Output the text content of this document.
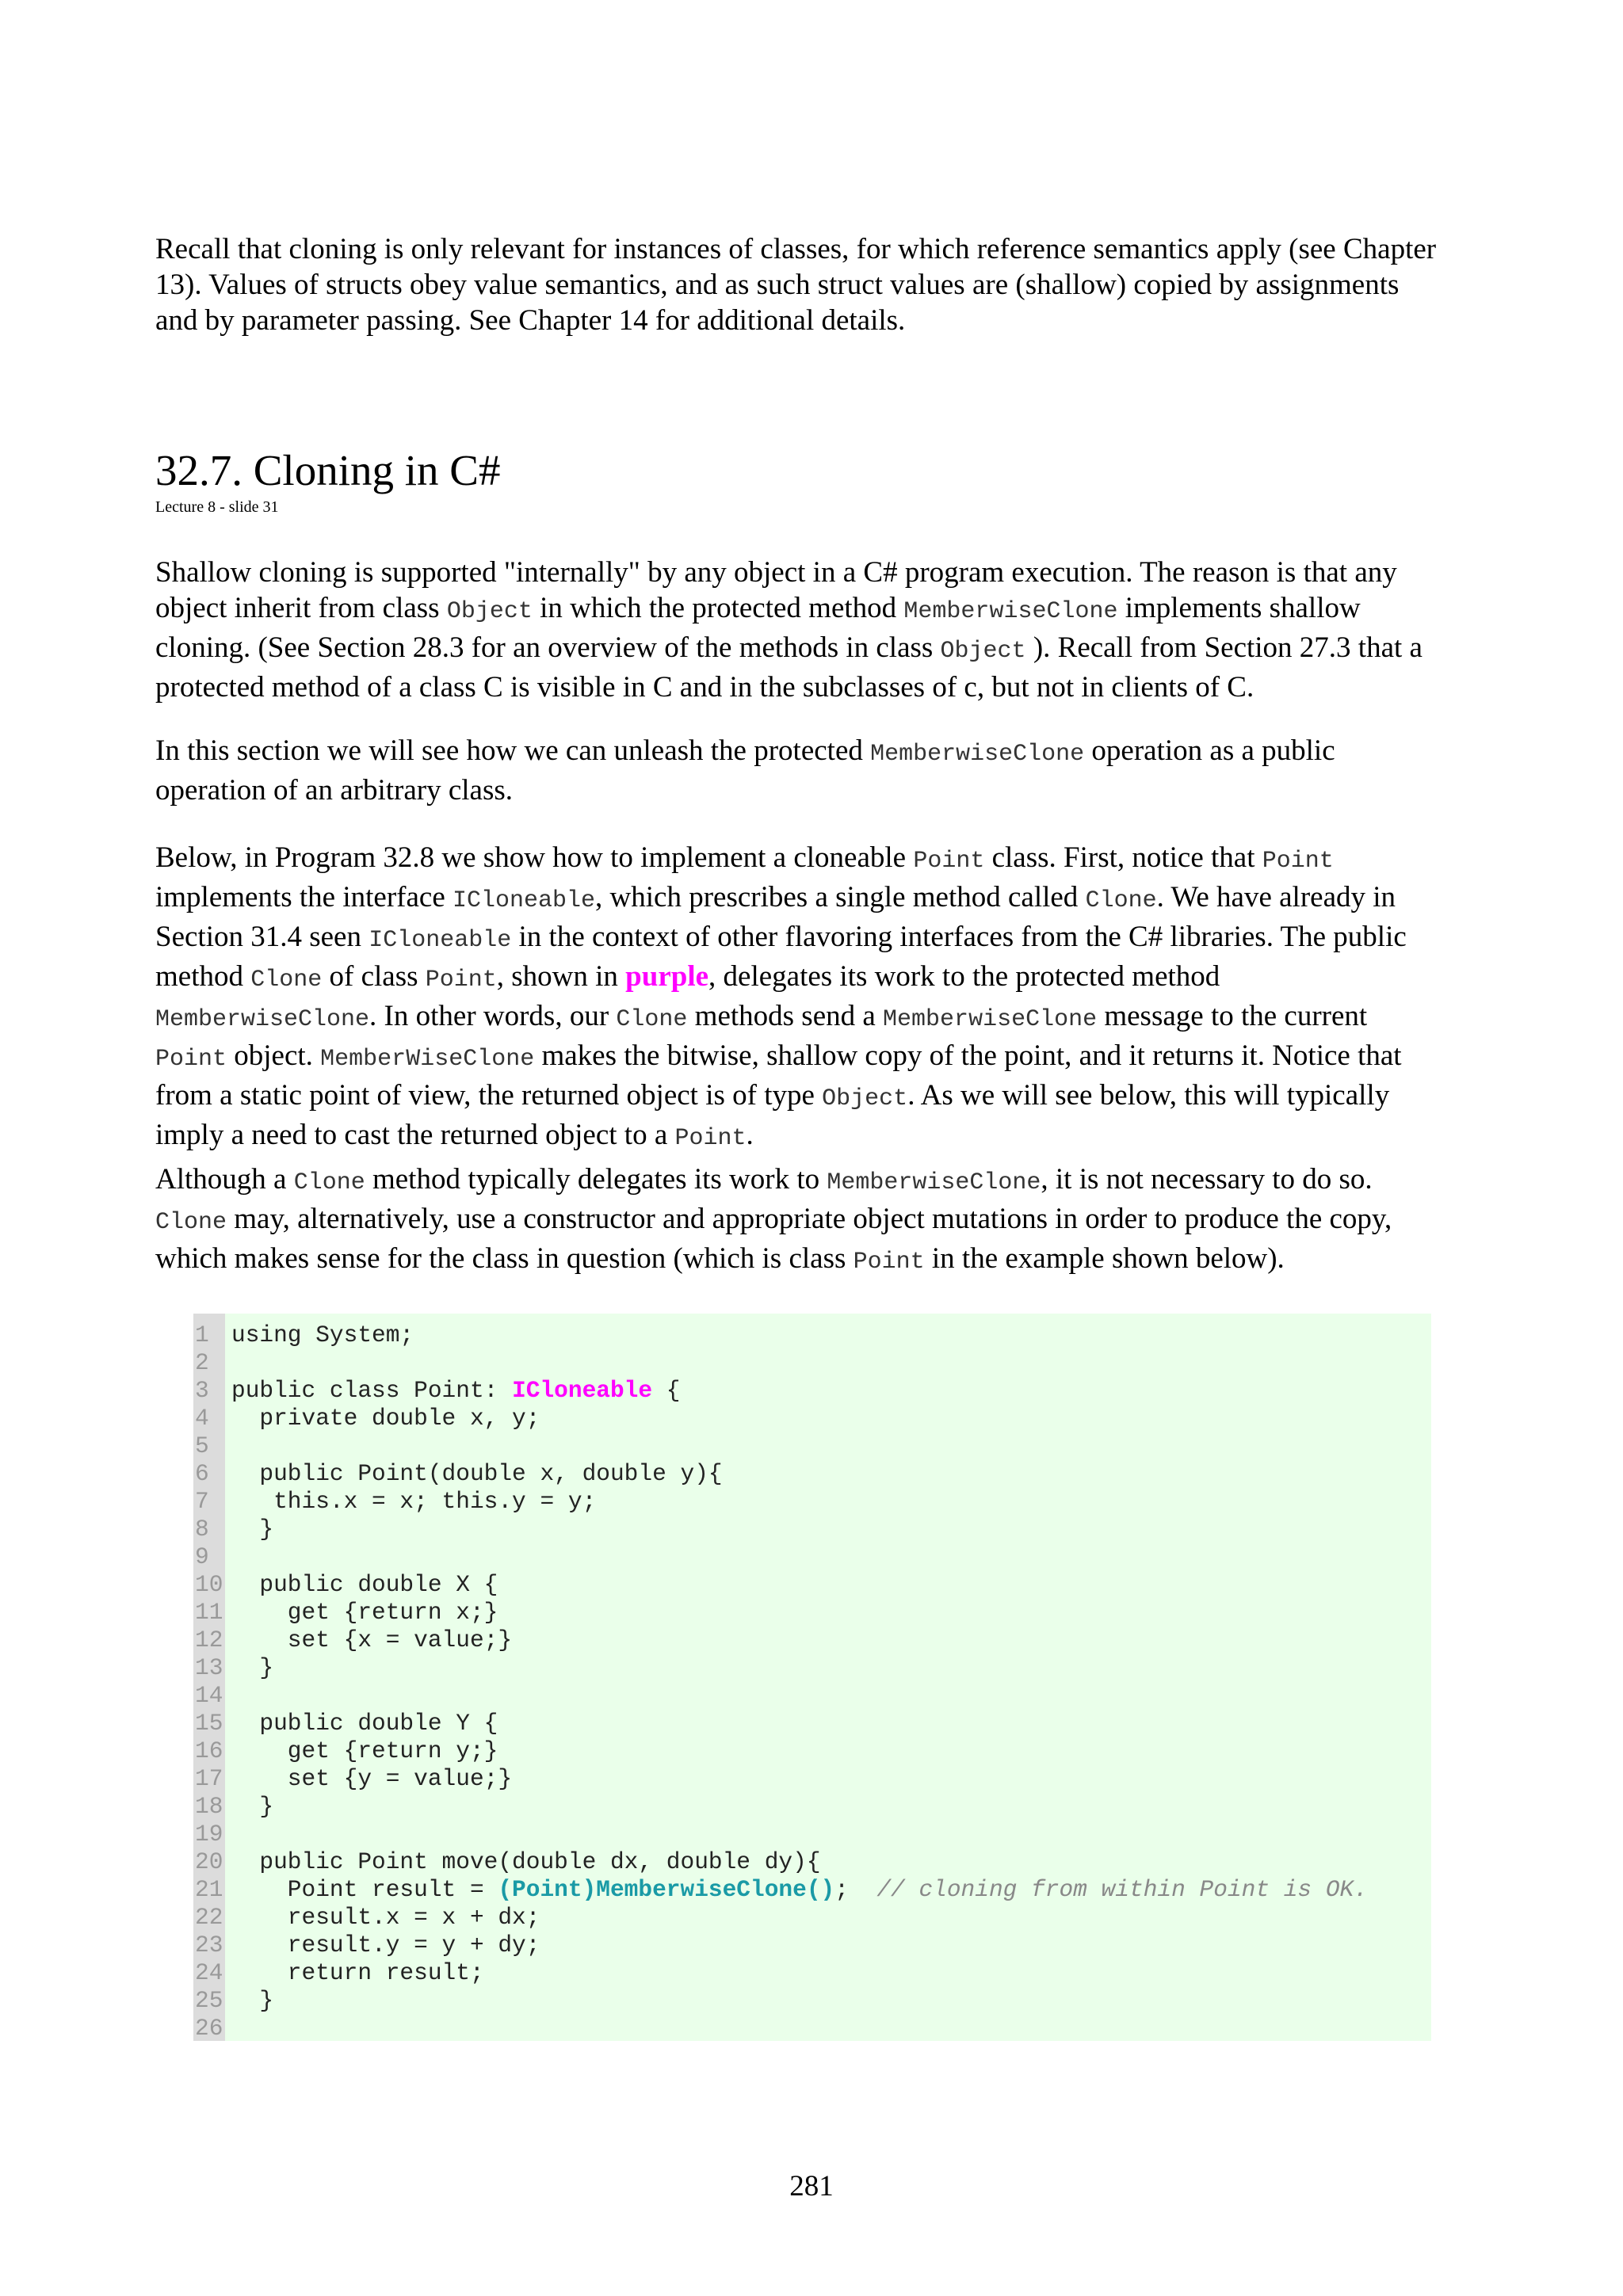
Recall that cloning is only relevant for instances of classes, for which reference semantics apply (see Chapter
13). Values of structs obey value semantics, and as such struct values are (shallow) copied by assignments
and by parameter passing. See Chapter 14 for additional details.

32.7. Cloning in C#
Lecture 8 - slide 31

Shallow cloning is supported "internally" by any object in a C# program execution. The reason is that any
object inherit from class Object in which the protected method MemberwiseClone implements shallow
cloning. (See Section 28.3 for an overview of the methods in class Object ). Recall from Section 27.3 that a
protected method of a class C is visible in C and in the subclasses of c, but not in clients of C.

In this section we will see how we can unleash the protected MemberwiseClone operation as a public
operation of an arbitrary class.

Below, in Program 32.8 we show how to implement a cloneable Point class. First, notice that Point
implements the interface ICloneable, which prescribes a single method called Clone. We have already in
Section 31.4 seen ICloneable in the context of other flavoring interfaces from the C# libraries. The public
method Clone of class Point, shown in purple, delegates its work to the protected method
MemberwiseClone. In other words, our Clone methods send a MemberwiseClone message to the current
Point object. MemberWiseClone makes the bitwise, shallow copy of the point, and it returns it. Notice that
from a static point of view, the returned object is of type Object. As we will see below, this will typically
imply a need to cast the returned object to a Point.

Although a Clone method typically delegates its work to MemberwiseClone, it is not necessary to do so.
Clone may, alternatively, use a constructor and appropriate object mutations in order to produce the copy,
which makes sense for the class in question (which is class Point in the example shown below).

1 using System;
2
3 public class Point: ICloneable {
4 private double x, y;
5
6 public Point(double x, double y){
7 this.x = x; this.y = y;
8 }
9
10 public double X {
11 get {return x;}
12 set {x = value;}
13 }
14
15 public double Y {
16 get {return y;}
17 set {y = value;}
18 }
19
20 public Point move(double dx, double dy){
21 Point result = (Point)MemberwiseClone();  // cloning from within Point is OK.
22 result.x = x + dx;
23 result.y = y + dy;
24 return result;
25 }
26
281
